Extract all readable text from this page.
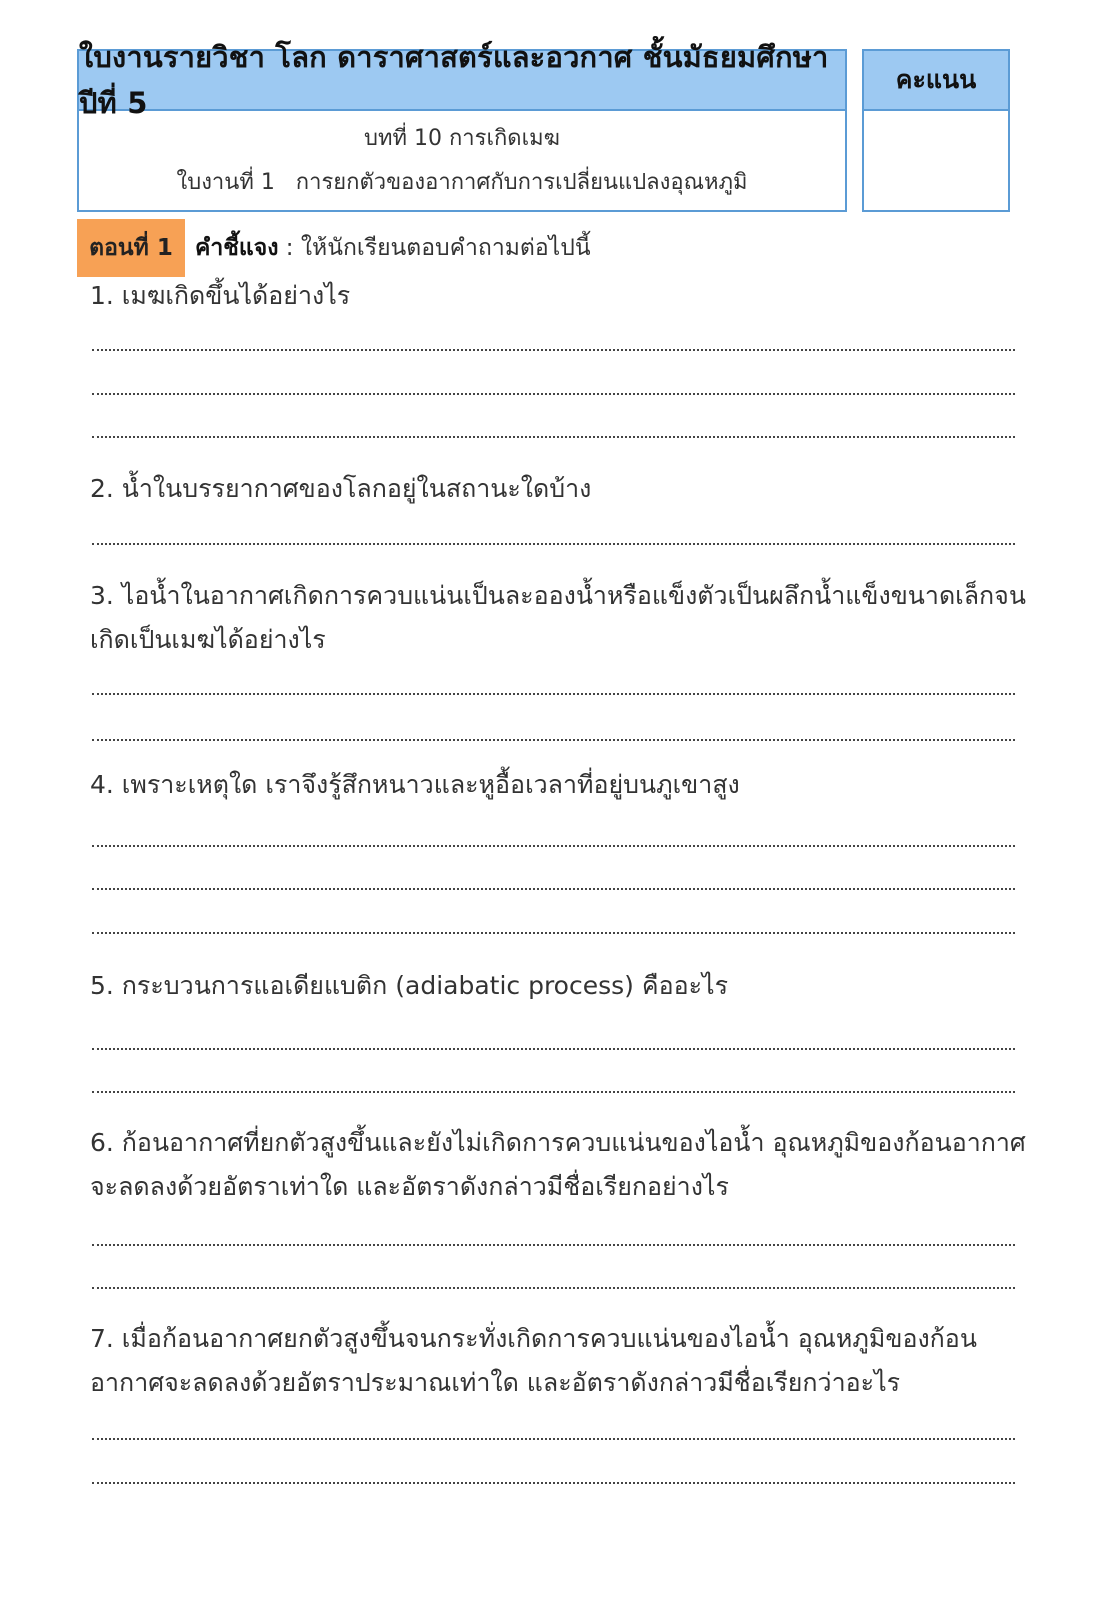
ใบงานรายวิชา โลก ดาราศาสตร์และอวกาศ ชั้นมัธยมศึกษาปีที่ 5
บทที่ 10 การเกิดเมฆ
ใบงานที่ 1   การยกตัวของอากาศกับการเปลี่ยนแปลงอุณหภูมิ
คะแนน
ตอนที่ 1 คำชี้แจง : ให้นักเรียนตอบคำถามต่อไปนี้
1. เมฆเกิดขึ้นได้อย่างไร
2. น้ำในบรรยากาศของโลกอยู่ในสถานะใดบ้าง
3. ไอน้ำในอากาศเกิดการควบแน่นเป็นละอองน้ำหรือแข็งตัวเป็นผลึกน้ำแข็งขนาดเล็กจนเกิดเป็นเมฆได้อย่างไร
4. เพราะเหตุใด เราจึงรู้สึกหนาวและหูอื้อเวลาที่อยู่บนภูเขาสูง
5. กระบวนการแอเดียแบติก (adiabatic process) คืออะไร
6. ก้อนอากาศที่ยกตัวสูงขึ้นและยังไม่เกิดการควบแน่นของไอน้ำ อุณหภูมิของก้อนอากาศจะลดลงด้วยอัตราเท่าใด และอัตราดังกล่าวมีชื่อเรียกอย่างไร
7. เมื่อก้อนอากาศยกตัวสูงขึ้นจนกระทั่งเกิดการควบแน่นของไอน้ำ อุณหภูมิของก้อนอากาศจะลดลงด้วยอัตราประมาณเท่าใด และอัตราดังกล่าวมีชื่อเรียกว่าอะไร
